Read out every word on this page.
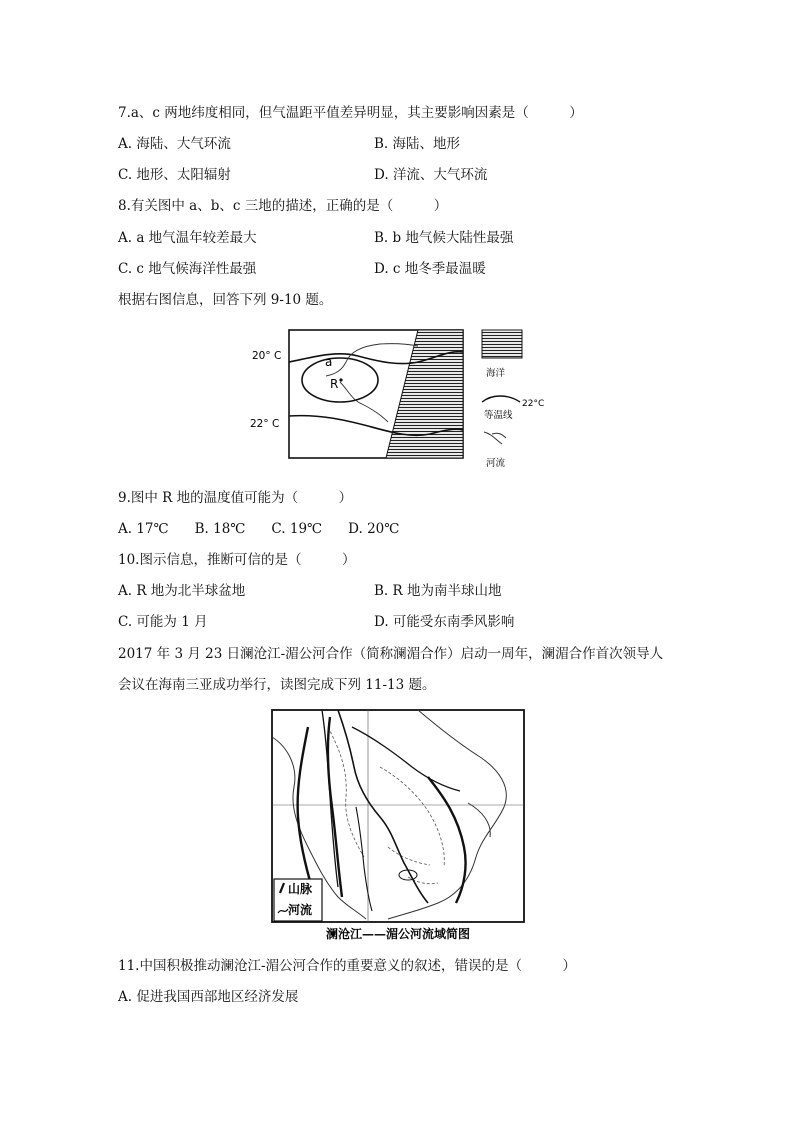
7.a、c 两地纬度相同，但气温距平值差异明显，其主要影响因素是（　　　）
A. 海陆、大气环流	B. 海陆、地形
C. 地形、太阳辐射	D. 洋流、大气环流
8.有关图中 a、b、c 三地的描述，正确的是（　　　）
A. a 地气温年较差最大	B. b 地气候大陆性最强
C. c 地气候海洋性最强	D. c 地冬季最温暖
根据右图信息，回答下列 9-10 题。
a
R
20° C
22° C
海洋
22°C
等温线
河流
9.图中 R 地的温度值可能为（　　　）
A. 17℃ B. 18℃ C. 19℃ D. 20℃
10.图示信息，推断可信的是（　　　）
A. R 地为北半球盆地	B. R 地为南半球山地
C. 可能为 1 月	D. 可能受东南季风影响
2017 年 3 月 23 日澜沧江-湄公河合作（简称澜湄合作）启动一周年，澜湄合作首次领导人
会议在海南三亚成功举行，读图完成下列 11-13 题。
山脉
河流
澜沧江——湄公河流域简图
11.中国积极推动澜沧江-湄公河合作的重要意义的叙述，错误的是（　　　）
A. 促进我国西部地区经济发展
